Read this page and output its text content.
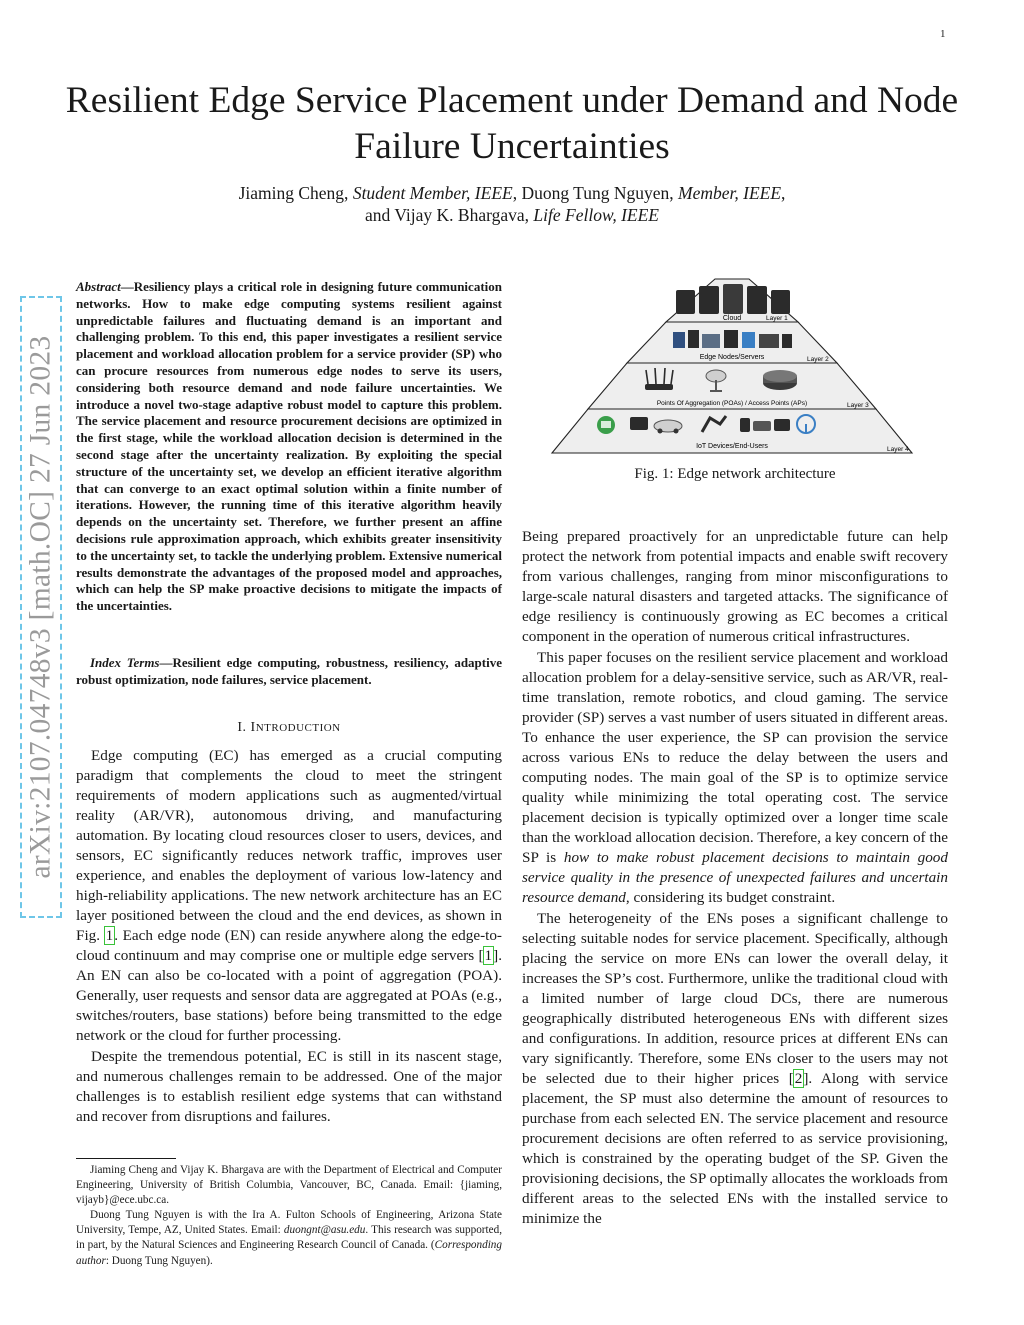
1
Resilient Edge Service Placement under Demand and Node Failure Uncertainties
Jiaming Cheng, Student Member, IEEE, Duong Tung Nguyen, Member, IEEE,
and Vijay K. Bhargava, Life Fellow, IEEE
arXiv:2107.04748v3 [math.OC] 27 Jun 2023
Abstract—Resiliency plays a critical role in designing future communication networks. How to make edge computing systems resilient against unpredictable failures and fluctuating demand is an important and challenging problem. To this end, this paper investigates a resilient service placement and workload allocation problem for a service provider (SP) who can procure resources from numerous edge nodes to serve its users, considering both resource demand and node failure uncertainties. We introduce a novel two-stage adaptive robust model to capture this problem. The service placement and resource procurement decisions are optimized in the first stage, while the workload allocation decision is determined in the second stage after the uncertainty realization. By exploiting the special structure of the uncertainty set, we develop an efficient iterative algorithm that can converge to an exact optimal solution within a finite number of iterations. However, the running time of this iterative algorithm heavily depends on the uncertainty set. Therefore, we further present an affine decisions rule approximation approach, which exhibits greater insensitivity to the uncertainty set, to tackle the underlying problem. Extensive numerical results demonstrate the advantages of the proposed model and approaches, which can help the SP make proactive decisions to mitigate the impacts of the uncertainties.
Index Terms—Resilient edge computing, robustness, resiliency, adaptive robust optimization, node failures, service placement.
I. INTRODUCTION

Edge computing (EC) has emerged as a crucial computing paradigm that complements the cloud to meet the stringent requirements of modern applications such as augmented/virtual reality (AR/VR), autonomous driving, and manufacturing automation. By locating cloud resources closer to users, devices, and sensors, EC significantly reduces network traffic, improves user experience, and enables the deployment of various low-latency and high-reliability applications. The new network architecture has an EC layer positioned between the cloud and the end devices, as shown in Fig. 1. Each edge node (EN) can reside anywhere along the edge-to-cloud continuum and may comprise one or multiple edge servers [1]. An EN can also be co-located with a point of aggregation (POA). Generally, user requests and sensor data are aggregated at POAs (e.g., switches/routers, base stations) before being transmitted to the edge network or the cloud for further processing.

Despite the tremendous potential, EC is still in its nascent stage, and numerous challenges remain to be addressed. One of the major challenges is to establish resilient edge systems that can withstand and recover from disruptions and failures.

Jiaming Cheng and Vijay K. Bhargava are with the Department of Electrical and Computer Engineering, University of British Columbia, Vancouver, BC, Canada. Email: {jiaming, vijayb}@ece.ubc.ca.

Duong Tung Nguyen is with the Ira A. Fulton Schools of Engineering, Arizona State University, Tempe, AZ, United States. Email: duongnt@asu.edu. This research was supported, in part, by the Natural Sciences and Engineering Research Council of Canada. (Corresponding author: Duong Tung Nguyen).

Cloud
Edge Nodes/Servers
Points Of Aggregation (POAs) / Access Points (APs)
IoT Devices/End-Users
Layer 1
Layer 2
Layer 3
Layer 4
Fig. 1: Edge network architecture

Being prepared proactively for an unpredictable future can help protect the network from potential impacts and enable swift recovery from various challenges, ranging from minor misconfigurations to large-scale natural disasters and targeted attacks. The significance of edge resiliency is continuously growing as EC becomes a critical component in the operation of numerous critical infrastructures.

This paper focuses on the resilient service placement and workload allocation problem for a delay-sensitive service, such as AR/VR, real-time translation, remote robotics, and cloud gaming. The service provider (SP) serves a vast number of users situated in different areas. To enhance the user experience, the SP can provision the service across various ENs to reduce the delay between the users and computing nodes. The main goal of the SP is to optimize service quality while minimizing the total operating cost. The service placement decision is typically optimized over a longer time scale than the workload allocation decision. Therefore, a key concern of the SP is how to make robust placement decisions to maintain good service quality in the presence of unexpected failures and uncertain resource demand, considering its budget constraint.

The heterogeneity of the ENs poses a significant challenge to selecting suitable nodes for service placement. Specifically, although placing the service on more ENs can lower the overall delay, it increases the SP’s cost. Furthermore, unlike the traditional cloud with a limited number of large cloud DCs, there are numerous geographically distributed heterogeneous ENs with different sizes and configurations. In addition, resource prices at different ENs can vary significantly. Therefore, some ENs closer to the users may not be selected due to their higher prices [2]. Along with service placement, the SP must also determine the amount of resources to purchase from each selected EN. The service placement and resource procurement decisions are often referred to as service provisioning, which is constrained by the operating budget of the SP. Given the provisioning decisions, the SP optimally allocates the workloads from different areas to the selected ENs with the installed service to minimize the
